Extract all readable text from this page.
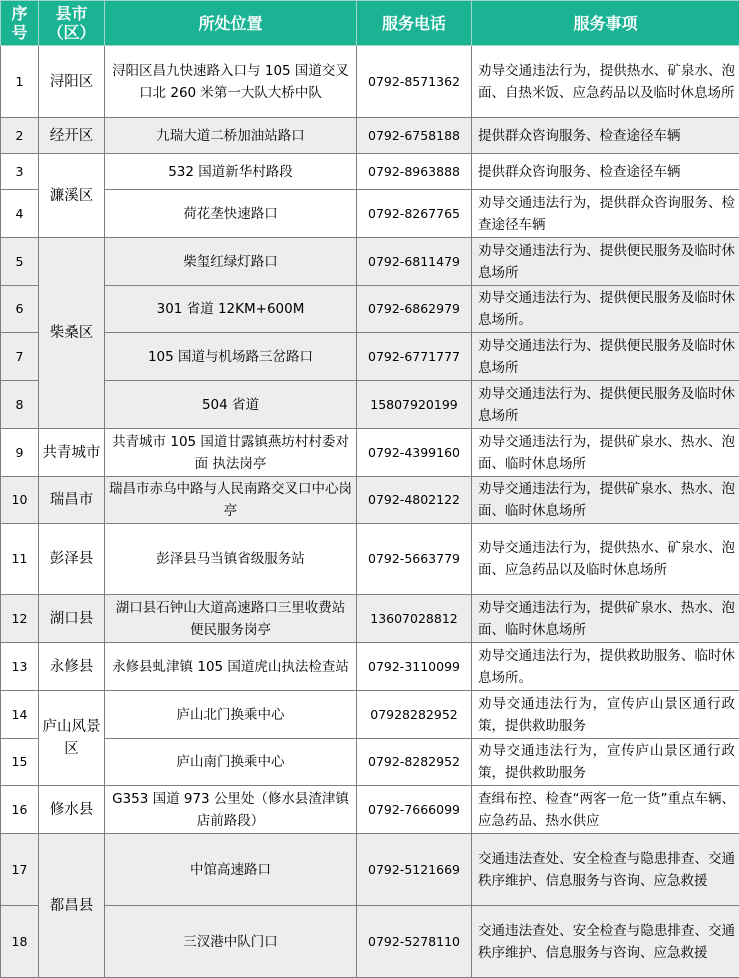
序号	县市（区）	所处位置	服务电话	服务事项
1	浔阳区	浔阳区昌九快速路入口与 105 国道交叉口北 260 米第一大队大桥中队	0792-8571362	劝导交通违法行为，提供热水、矿泉水、泡面、自热米饭、应急药品以及临时休息场所
2	经开区	九瑞大道二桥加油站路口	0792-6758188	提供群众咨询服务、检查途径车辆
3	濂溪区	532 国道新华村路段	0792-8963888	提供群众咨询服务、检查途径车辆
4		荷花垄快速路口	0792-8267765	劝导交通违法行为，提供群众咨询服务、检查途径车辆
5	柴桑区	柴玺红绿灯路口	0792-6811479	劝导交通违法行为、提供便民服务及临时休息场所
6		301 省道 12KM+600M	0792-6862979	劝导交通违法行为、提供便民服务及临时休息场所。
7		105 国道与机场路三岔路口	0792-6771777	劝导交通违法行为、提供便民服务及临时休息场所
8		504 省道	15807920199	劝导交通违法行为、提供便民服务及临时休息场所
9	共青城市	共青城市 105 国道甘露镇燕坊村村委对面 执法岗亭	0792-4399160	劝导交通违法行为，提供矿泉水、热水、泡面、临时休息场所
10	瑞昌市	瑞昌市赤乌中路与人民南路交叉口中心岗亭	0792-4802122	劝导交通违法行为，提供矿泉水、热水、泡面、临时休息场所
11	彭泽县	彭泽县马当镇省级服务站	0792-5663779	劝导交通违法行为，提供热水、矿泉水、泡面、应急药品以及临时休息场所
12	湖口县	湖口县石钟山大道高速路口三里收费站 便民服务岗亭	13607028812	劝导交通违法行为，提供矿泉水、热水、泡面、临时休息场所
13	永修县	永修县虬津镇 105 国道虎山执法检查站	0792-3110099	劝导交通违法行为，提供救助服务、临时休息场所。
14	庐山风景区	庐山北门换乘中心	07928282952	劝导交通违法行为，宣传庐山景区通行政策，提供救助服务
15		庐山南门换乘中心	0792-8282952	劝导交通违法行为，宣传庐山景区通行政策，提供救助服务
16	修水县	G353 国道 973 公里处（修水县渣津镇店前路段）	0792-7666099	查缉布控、检查“两客一危一货”重点车辆、应急药品、热水供应
17	都昌县	中馆高速路口	0792-5121669	交通违法查处、安全检查与隐患排查、交通秩序维护、信息服务与咨询、应急救援
18		三汊港中队门口	0792-5278110	交通违法查处、安全检查与隐患排查、交通秩序维护、信息服务与咨询、应急救援
